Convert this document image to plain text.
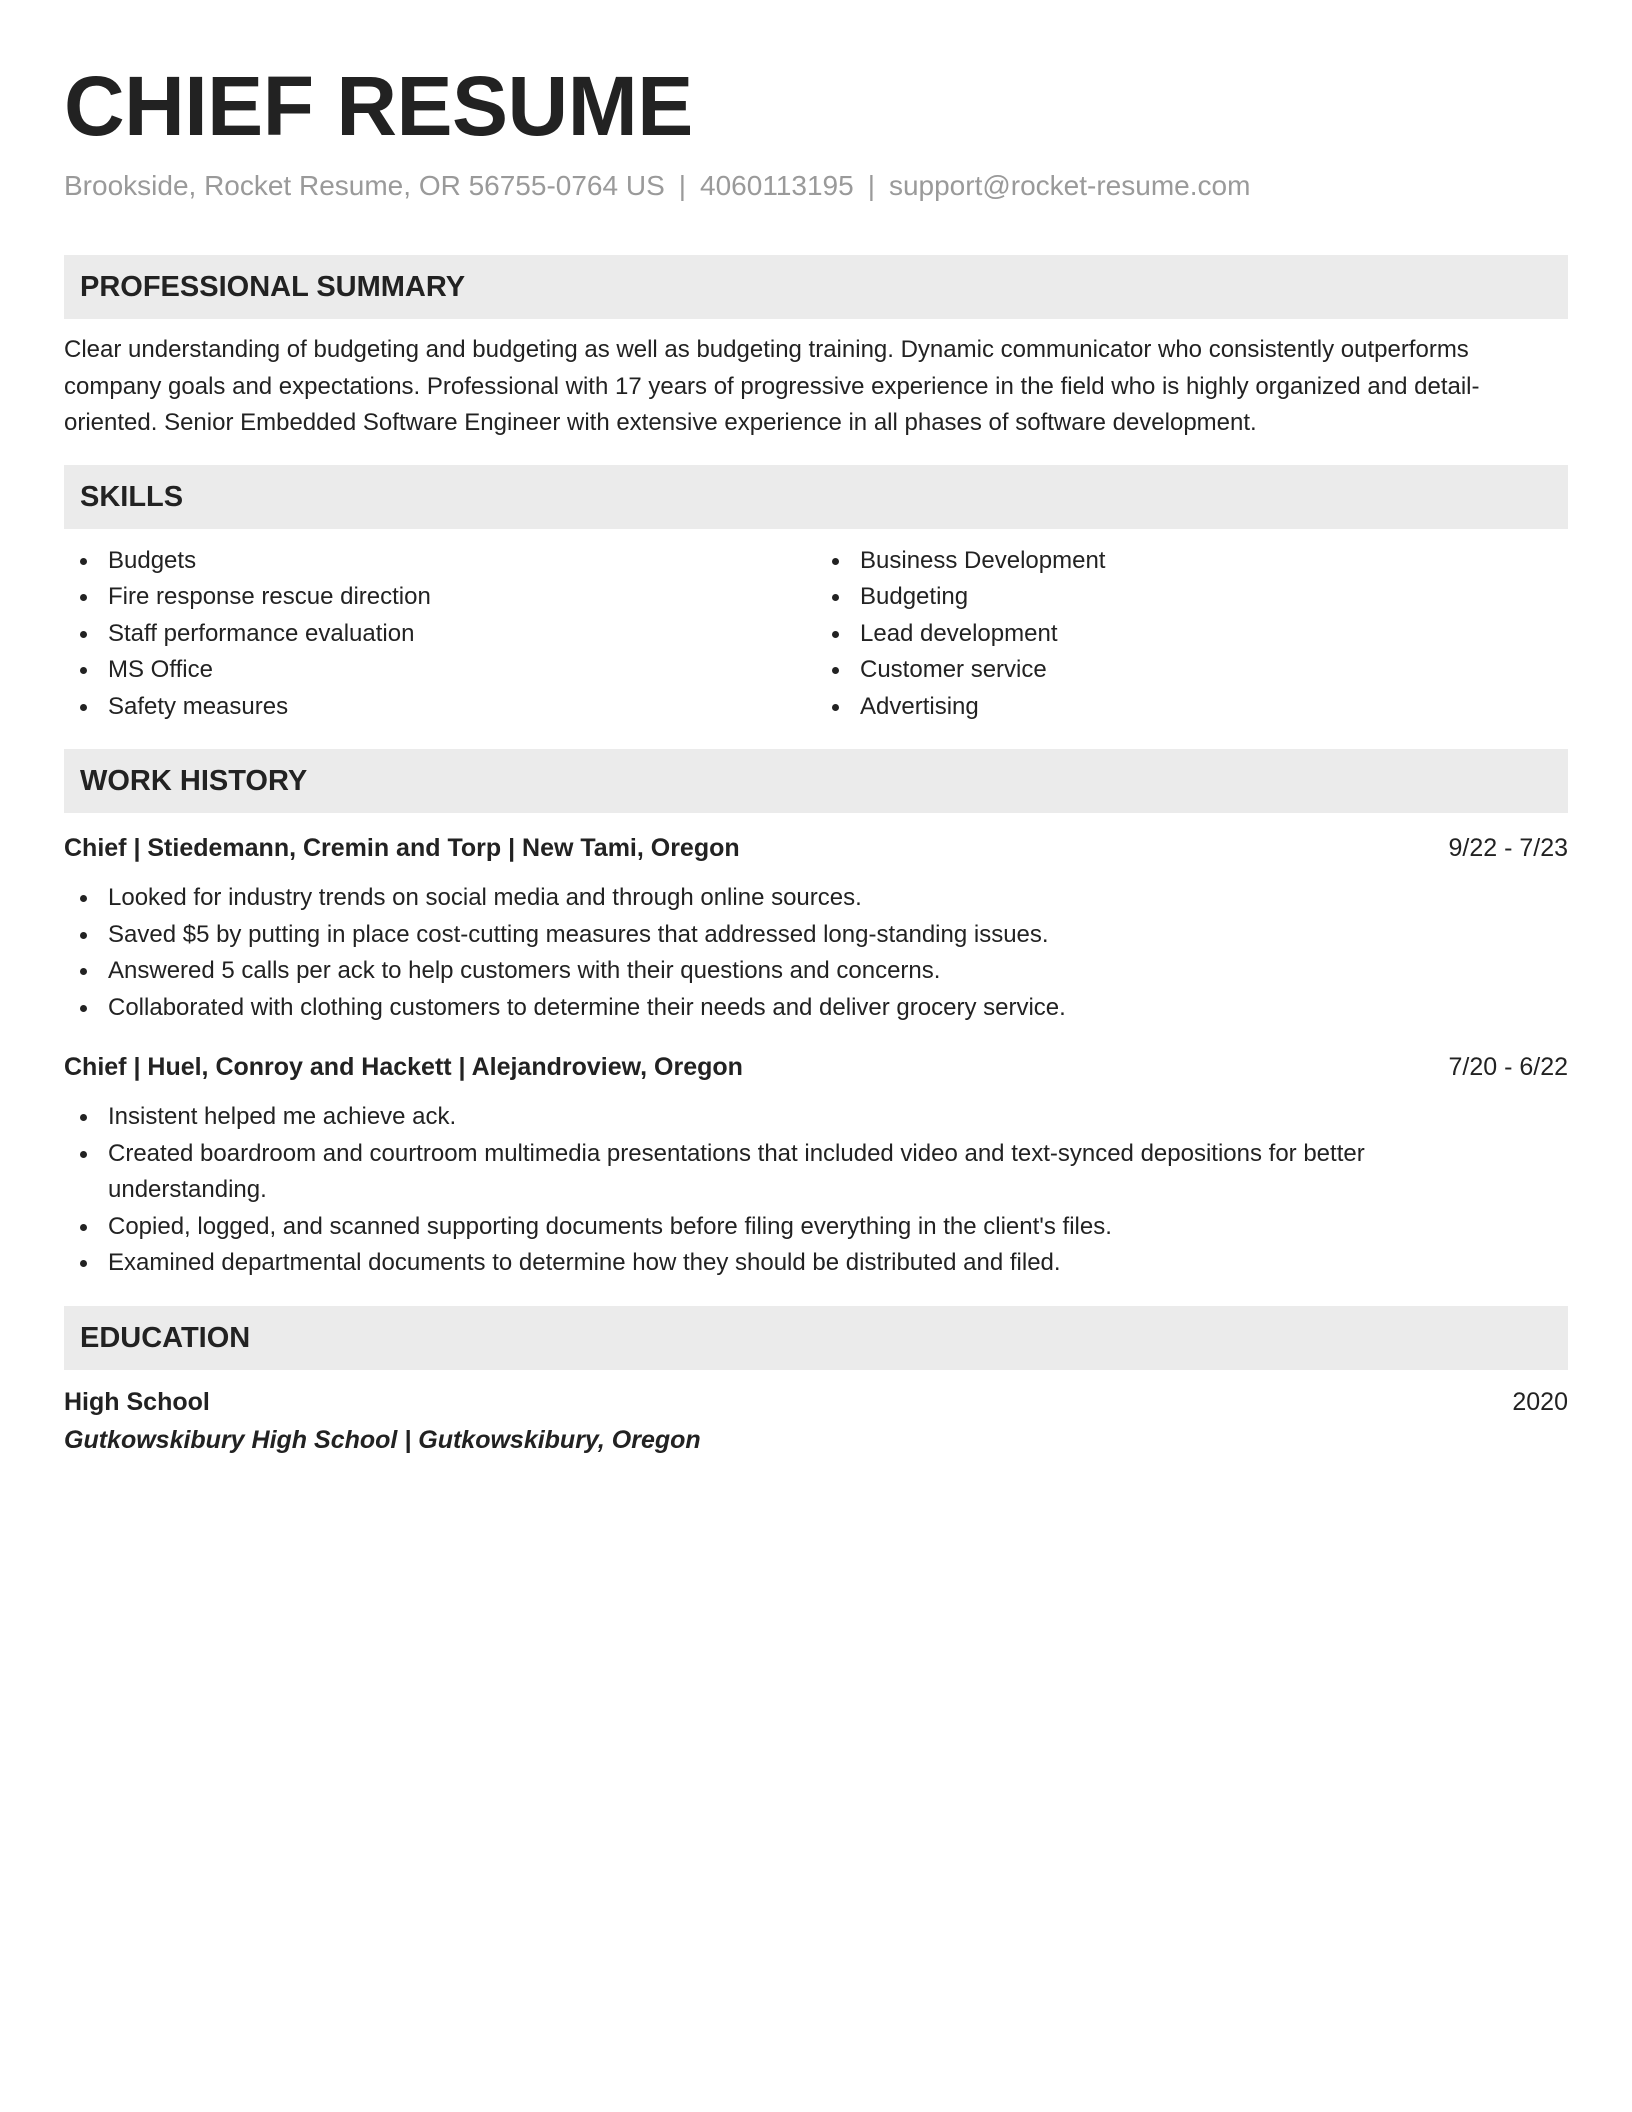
CHIEF RESUME
Brookside, Rocket Resume, OR 56755-0764 US | 4060113195 | support@rocket-resume.com
PROFESSIONAL SUMMARY

Clear understanding of budgeting and budgeting as well as budgeting training. Dynamic communicator who consistently outperforms company goals and expectations. Professional with 17 years of progressive experience in the field who is highly organized and detail-oriented. Senior Embedded Software Engineer with extensive experience in all phases of software development.

SKILLS
Budgets
Fire response rescue direction
Staff performance evaluation
MS Office
Safety measures
Business Development
Budgeting
Lead development
Customer service
Advertising
WORK HISTORY
Chief | Stiedemann, Cremin and Torp | New Tami, Oregon	9/22 - 7/23
Looked for industry trends on social media and through online sources.
Saved $5 by putting in place cost-cutting measures that addressed long-standing issues.
Answered 5 calls per ack to help customers with their questions and concerns.
Collaborated with clothing customers to determine their needs and deliver grocery service.
Chief | Huel, Conroy and Hackett | Alejandroview, Oregon	7/20 - 6/22
Insistent helped me achieve ack.
Created boardroom and courtroom multimedia presentations that included video and text-synced depositions for better understanding.
Copied, logged, and scanned supporting documents before filing everything in the client's files.
Examined departmental documents to determine how they should be distributed and filed.
EDUCATION
High School	2020
Gutkowskibury High School | Gutkowskibury, Oregon
